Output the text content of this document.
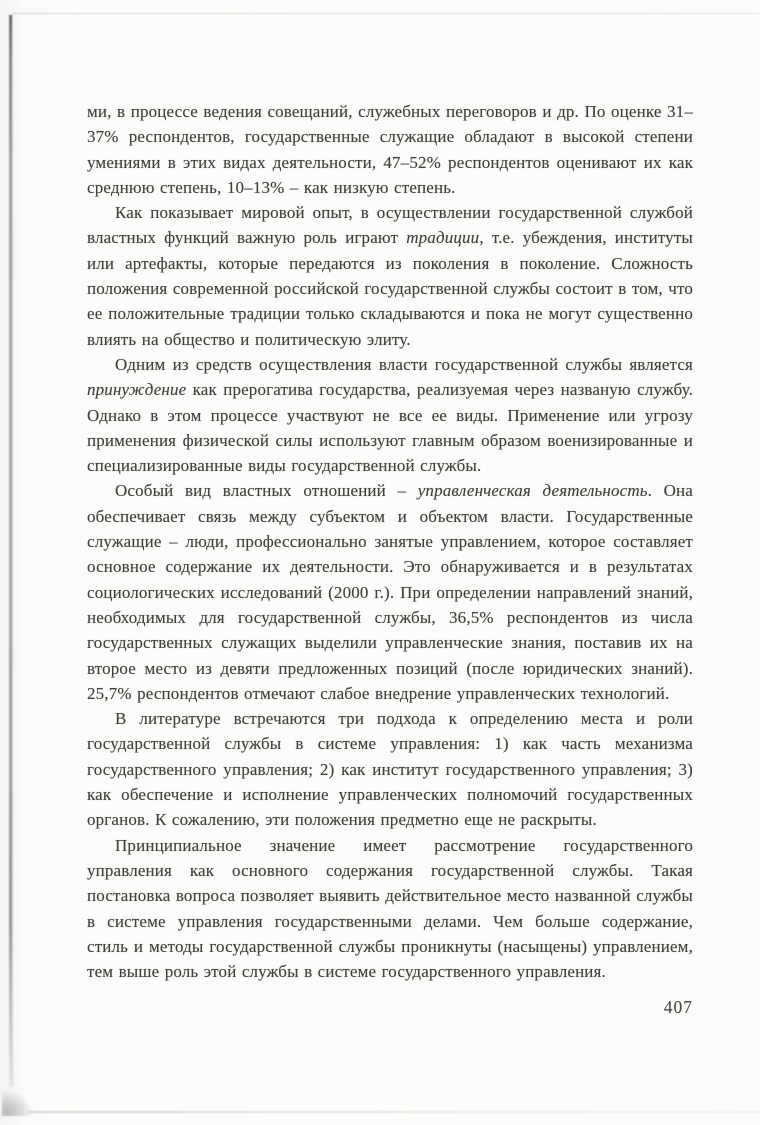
ми, в процессе ведения совещаний, служебных переговоров и др. По оценке 31–37% респондентов, государственные служащие обладают в высокой степени умениями в этих видах деятельности, 47–52% респондентов оценивают их как среднюю степень, 10–13% – как низкую степень.

Как показывает мировой опыт, в осуществлении государственной службой властных функций важную роль играют традиции, т.е. убеждения, институты или артефакты, которые передаются из поколения в поколение. Сложность положения современной российской государственной службы состоит в том, что ее положительные традиции только складываются и пока не могут существенно влиять на общество и политическую элиту.

Одним из средств осуществления власти государственной службы является принуждение как прерогатива государства, реализуемая через названую службу. Однако в этом процессе участвуют не все ее виды. Применение или угрозу применения физической силы используют главным образом военизированные и специализированные виды государственной службы.

Особый вид властных отношений – управленческая деятельность. Она обеспечивает связь между субъектом и объектом власти. Государственные служащие – люди, профессионально занятые управлением, которое составляет основное содержание их деятельности. Это обнаруживается и в результатах социологических исследований (2000 г.). При определении направлений знаний, необходимых для государственной службы, 36,5% респондентов из числа государственных служащих выделили управленческие знания, поставив их на второе место из девяти предложенных позиций (после юридических знаний). 25,7% респондентов отмечают слабое внедрение управленческих технологий.

В литературе встречаются три подхода к определению места и роли государственной службы в системе управления: 1) как часть механизма государственного управления; 2) как институт государственного управления; 3) как обеспечение и исполнение управленческих полномочий государственных органов. К сожалению, эти положения предметно еще не раскрыты.

Принципиальное значение имеет рассмотрение государственного управления как основного содержания государственной службы. Такая постановка вопроса позволяет выявить действительное место названной службы в системе управления государственными делами. Чем больше содержание, стиль и методы государственной службы проникнуты (насыщены) управлением, тем выше роль этой службы в системе государственного управления.

407
